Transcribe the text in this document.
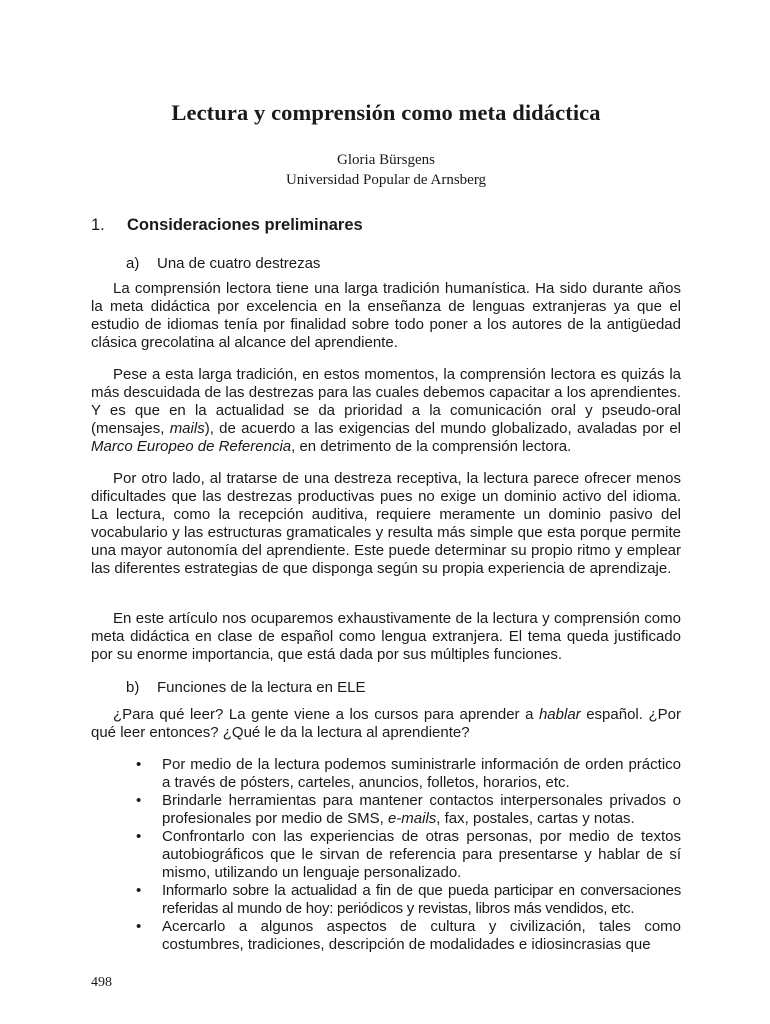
Lectura y comprensión como meta didáctica
Gloria Bürsgens
Universidad Popular de Arnsberg
1. Consideraciones preliminares
a) Una de cuatro destrezas

La comprensión lectora tiene una larga tradición humanística. Ha sido durante años la meta didáctica por excelencia en la enseñanza de lenguas extranjeras ya que el estudio de idiomas tenía por finalidad sobre todo poner a los autores de la antigüedad clásica grecolatina al alcance del aprendiente.

Pese a esta larga tradición, en estos momentos, la comprensión lectora es quizás la más descuidada de las destrezas para las cuales debemos capacitar a los aprendientes. Y es que en la actualidad se da prioridad a la comunicación oral y pseudo-oral (mensajes, mails), de acuerdo a las exigencias del mundo globalizado, avaladas por el Marco Europeo de Referencia, en detrimento de la comprensión lectora.

Por otro lado, al tratarse de una destreza receptiva, la lectura parece ofrecer menos dificultades que las destrezas productivas pues no exige un dominio activo del idioma. La lectura, como la recepción auditiva, requiere meramente un dominio pasivo del vocabulario y las estructuras gramaticales y resulta más simple que esta porque permite una mayor autonomía del aprendiente. Este puede determinar su propio ritmo y emplear las diferentes estrategias de que disponga según su propia experiencia de aprendizaje.

En este artículo nos ocuparemos exhaustivamente de la lectura y comprensión como meta didáctica en clase de español como lengua extranjera. El tema queda justificado por su enorme importancia, que está dada por sus múltiples funciones.

b) Funciones de la lectura en ELE

¿Para qué leer? La gente viene a los cursos para aprender a hablar español. ¿Por qué leer entonces? ¿Qué le da la lectura al aprendiente?

• Por medio de la lectura podemos suministrarle información de orden práctico a través de pósters, carteles, anuncios, folletos, horarios, etc.
• Brindarle herramientas para mantener contactos interpersonales privados o profesionales por medio de SMS, e-mails, fax, postales, cartas y notas.
• Confrontarlo con las experiencias de otras personas, por medio de textos autobiográficos que le sirvan de referencia para presentarse y hablar de sí mismo, utilizando un lenguaje personalizado.
• Informarlo sobre la actualidad a fin de que pueda participar en conversaciones referidas al mundo de hoy: periódicos y revistas, libros más vendidos, etc.
• Acercarlo a algunos aspectos de cultura y civilización, tales como costumbres, tradiciones, descripción de modalidades e idiosincrasias que
498
